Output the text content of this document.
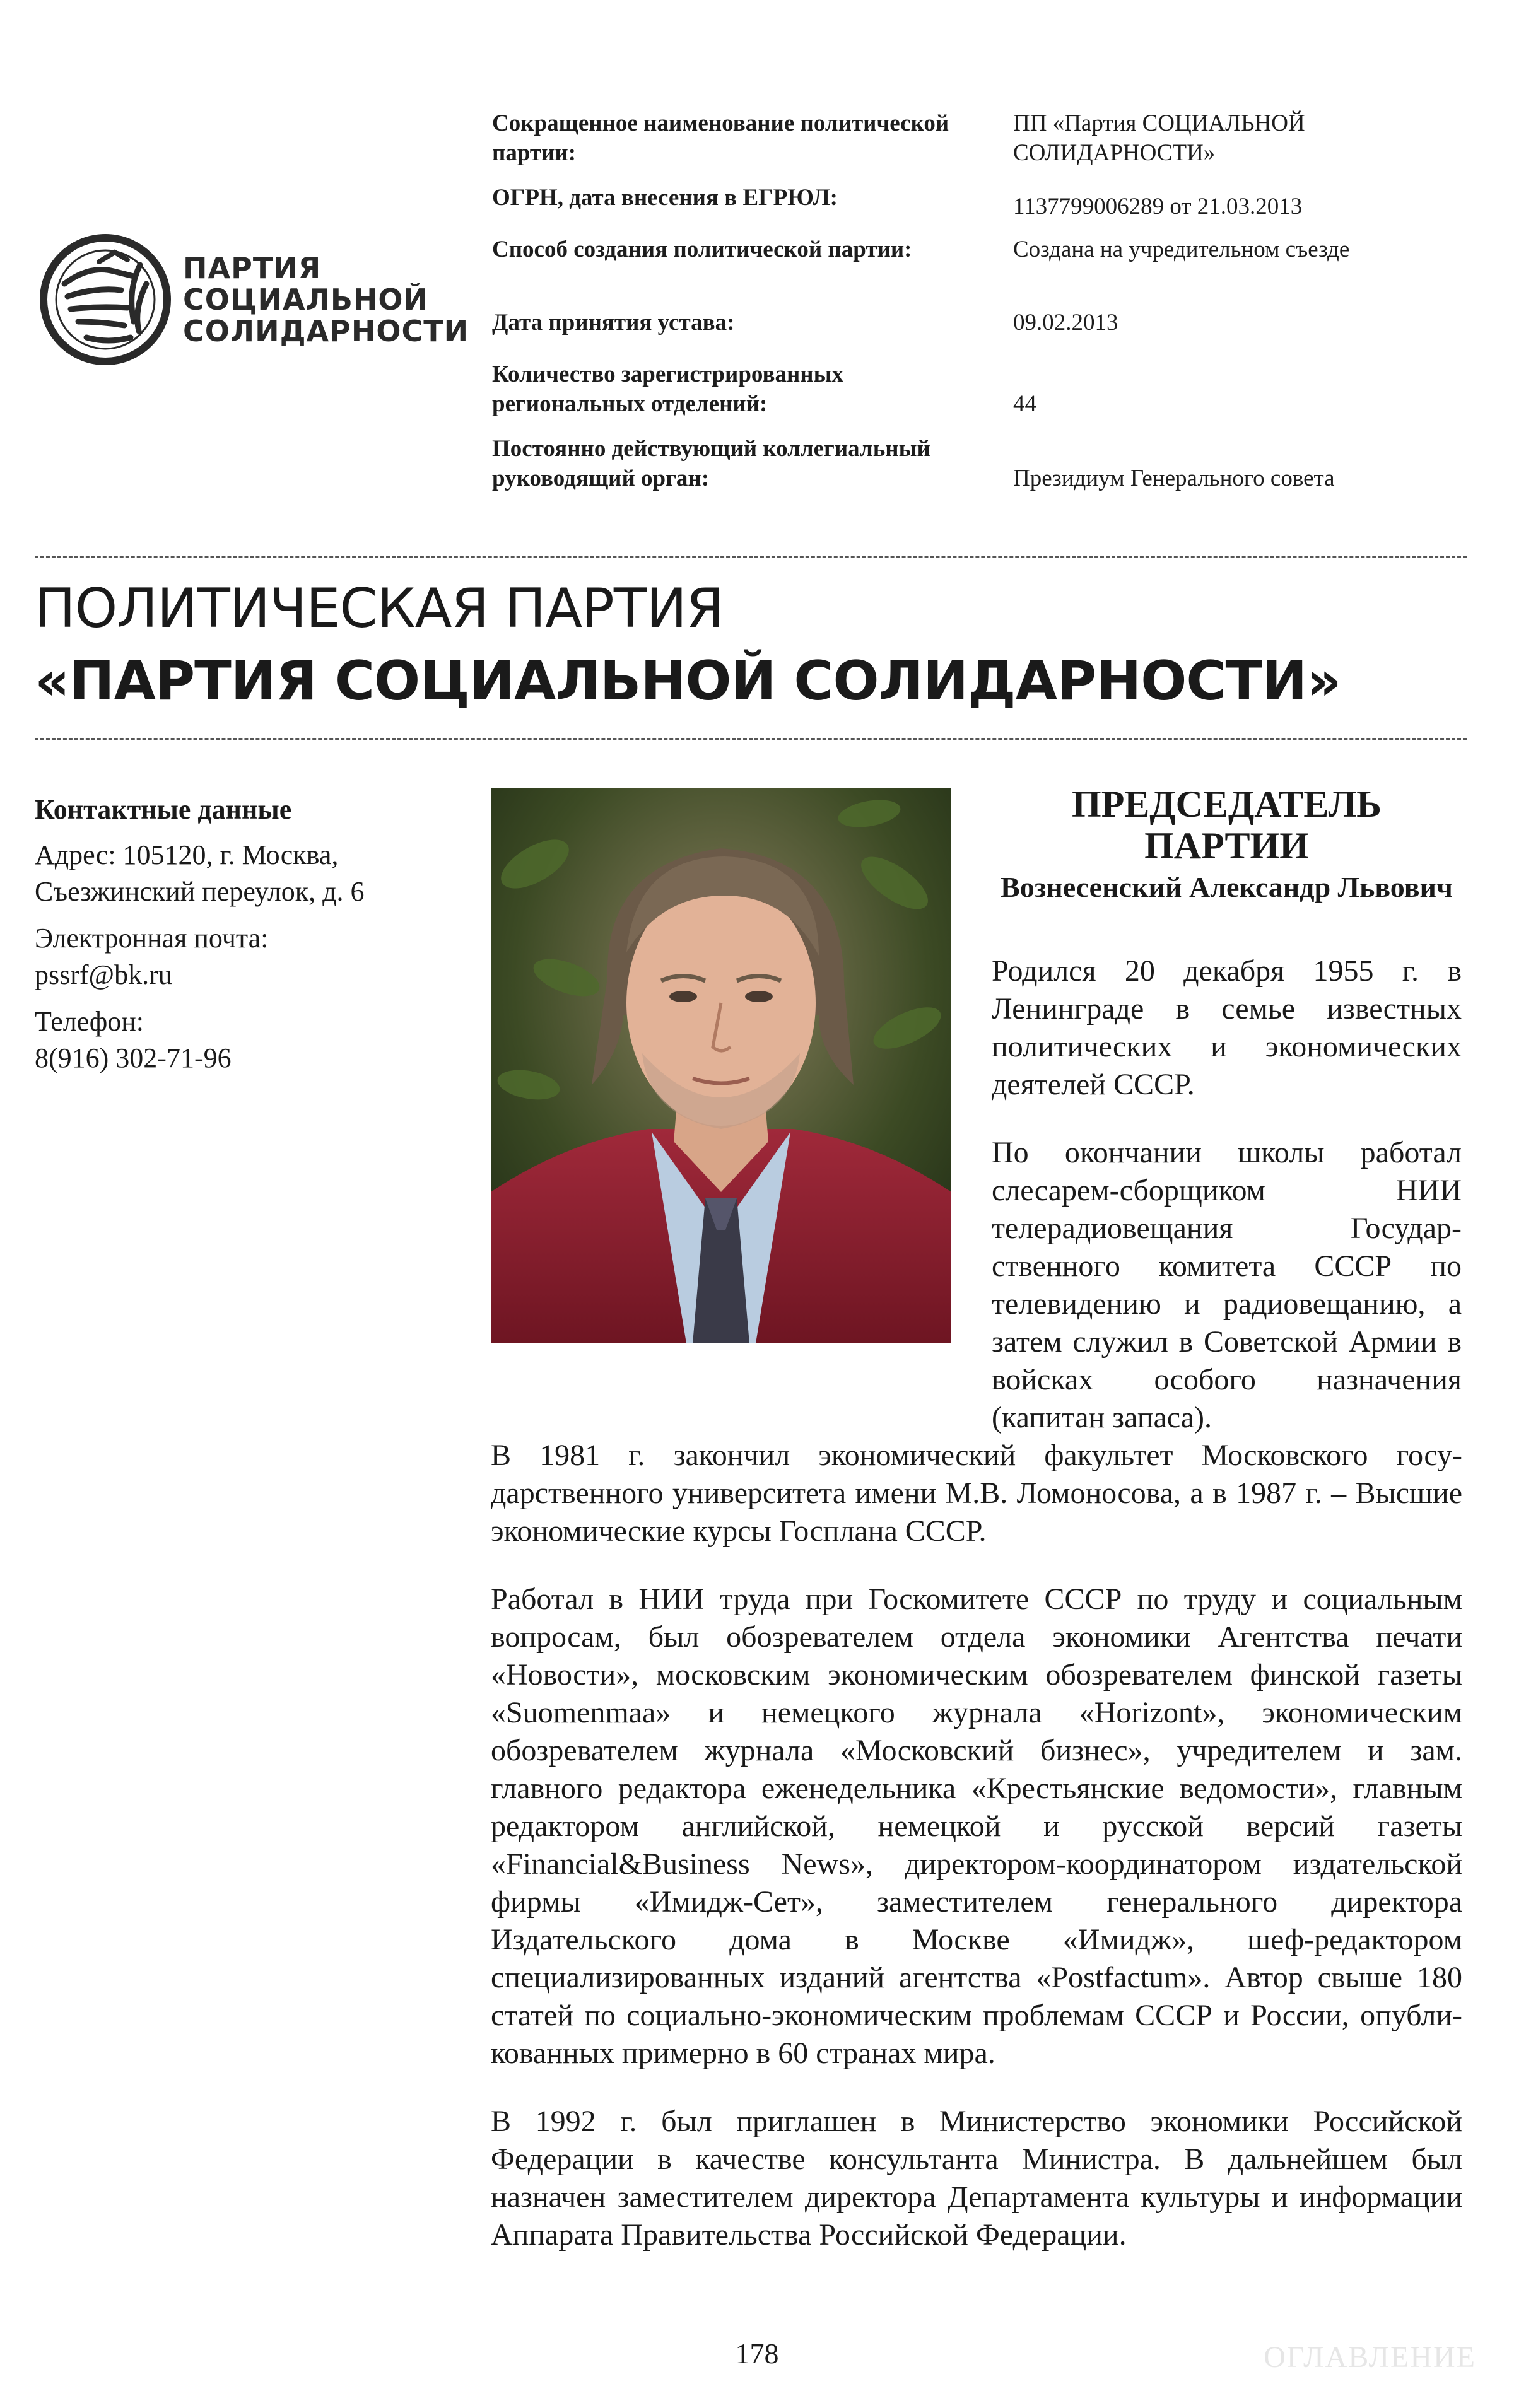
ПАРТИЯ
СОЦИАЛЬНОЙ
СОЛИДАРНОСТИ
Сокращенное наименование политической партии:
ПП «Партия СОЦИАЛЬНОЙ СОЛИДАРНОСТИ»
ОГРН, дата внесения в ЕГРЮЛ:	1137799006289 от 21.03.2013
Способ создания политической партии:	Создана на учредительном съезде
Дата принятия устава:	09.02.2013
Количество зарегистрированных региональных отделений:	44
Постоянно действующий коллегиальный руководящий орган:	Президиум Генерального совета
ПОЛИТИЧЕСКАЯ ПАРТИЯ
«ПАРТИЯ СОЦИАЛЬНОЙ СОЛИДАРНОСТИ»
Контактные данные
Адрес: 105120, г. Москва,
Съезжинский переулок, д. 6
Электронная почта:
pssrf@bk.ru
Телефон:
8(916) 302-71-96
ПРЕДСЕДАТЕЛЬ ПАРТИИ
Вознесенский Александр Львович

Родился 20 декабря 1955 г. в Ленинграде в семье известных политических и экономических деятелей СССР.

По окончании школы работал слесарем-сборщиком НИИ телерадиовещания Государственного комитета СССР по телевидению и радиовещанию, а затем служил в Советской Армии в войсках особого назначения (капитан запаса).

В 1981 г. закончил экономический факультет Московского государственного университета имени М.В. Ломоносова, а в 1987 г. – Высшие экономические курсы Госплана СССР.

Работал в НИИ труда при Госкомитете СССР по труду и социальным вопросам, был обозревателем отдела экономики Агентства печати «Новости», московским экономическим обозревателем финской газеты «Suomenmaa» и немецкого журнала «Horizont», экономическим обозревателем журнала «Московский бизнес», учредителем и зам. главного редактора еженедельника «Крестьянские ведомости», главным редактором английской, немецкой и русской версий газеты «Financial&Business News», директором-координатором издательской фирмы «Имидж-Сет», заместителем генерального директора Издательского дома в Москве «Имидж», шеф-редактором специализированных изданий агентства «Postfactum». Автор свыше 180 статей по социально-экономическим проблемам СССР и России, опубликованных примерно в 60 странах мира.

В 1992 г. был приглашен в Министерство экономики Российской Федерации в качестве консультанта Министра. В дальнейшем был назначен заместителем директора Департамента культуры и информации Аппарата Правительства Российской Федерации.

178	ОГЛАВЛЕНИЕ
